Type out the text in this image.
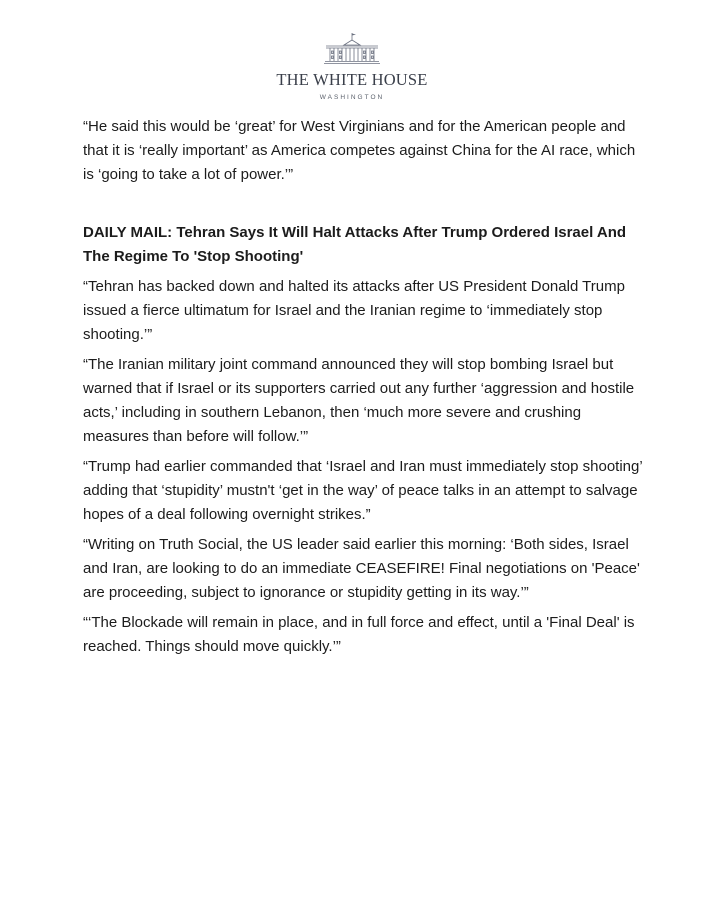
THE WHITE HOUSE
WASHINGTON

“He said this would be ‘great’ for West Virginians and for the American people and that it is ‘really important’ as America competes against China for the AI race, which is ‘going to take a lot of power.’”

DAILY MAIL: Tehran Says It Will Halt Attacks After Trump Ordered Israel And The Regime To 'Stop Shooting'

“Tehran has backed down and halted its attacks after US President Donald Trump issued a fierce ultimatum for Israel and the Iranian regime to ‘immediately stop shooting.’”

“The Iranian military joint command announced they will stop bombing Israel but warned that if Israel or its supporters carried out any further ‘aggression and hostile acts,’ including in southern Lebanon, then ‘much more severe and crushing measures than before will follow.’”

“Trump had earlier commanded that ‘Israel and Iran must immediately stop shooting’ adding that ‘stupidity’ mustn't ‘get in the way’ of peace talks in an attempt to salvage hopes of a deal following overnight strikes.”

“Writing on Truth Social, the US leader said earlier this morning: ‘Both sides, Israel and Iran, are looking to do an immediate CEASEFIRE! Final negotiations on 'Peace' are proceeding, subject to ignorance or stupidity getting in its way.’”

“‘The Blockade will remain in place, and in full force and effect, until a 'Final Deal' is reached. Things should move quickly.’”
